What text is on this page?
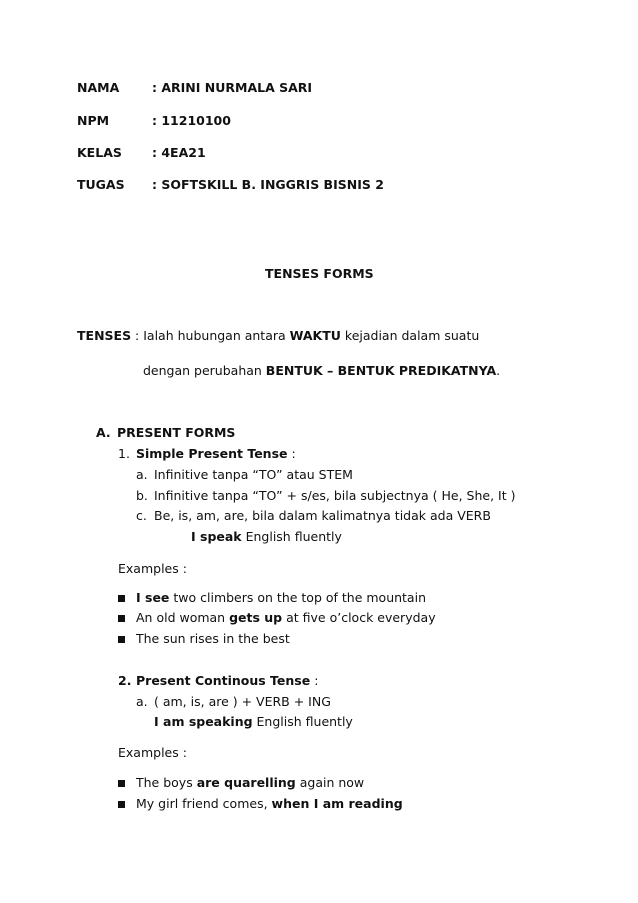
NAMA	: ARINI NURMALA SARI
NPM	: 11210100
KELAS : 4EA21
TUGAS : SOFTSKILL B. INGGRIS BISNIS 2
TENSES FORMS
TENSES : Ialah hubungan antara WAKTU kejadian dalam suatu
dengan perubahan BENTUK – BENTUK PREDIKATNYA.
A. PRESENT FORMS
1. Simple Present Tense :
a. Infinitive tanpa “TO” atau STEM
b. Infinitive tanpa “TO” + s/es, bila subjectnya ( He, She, It )
c. Be, is, am, are, bila dalam kalimatnya tidak ada VERB
I speak English fluently
Examples :
I see two climbers on the top of the mountain
An old woman gets up at five o’clock everyday
The sun rises in the best
2. Present Continous Tense :
a. ( am, is, are ) + VERB + ING
I am speaking English fluently
Examples :
The boys are quarelling again now
My girl friend comes, when I am reading
